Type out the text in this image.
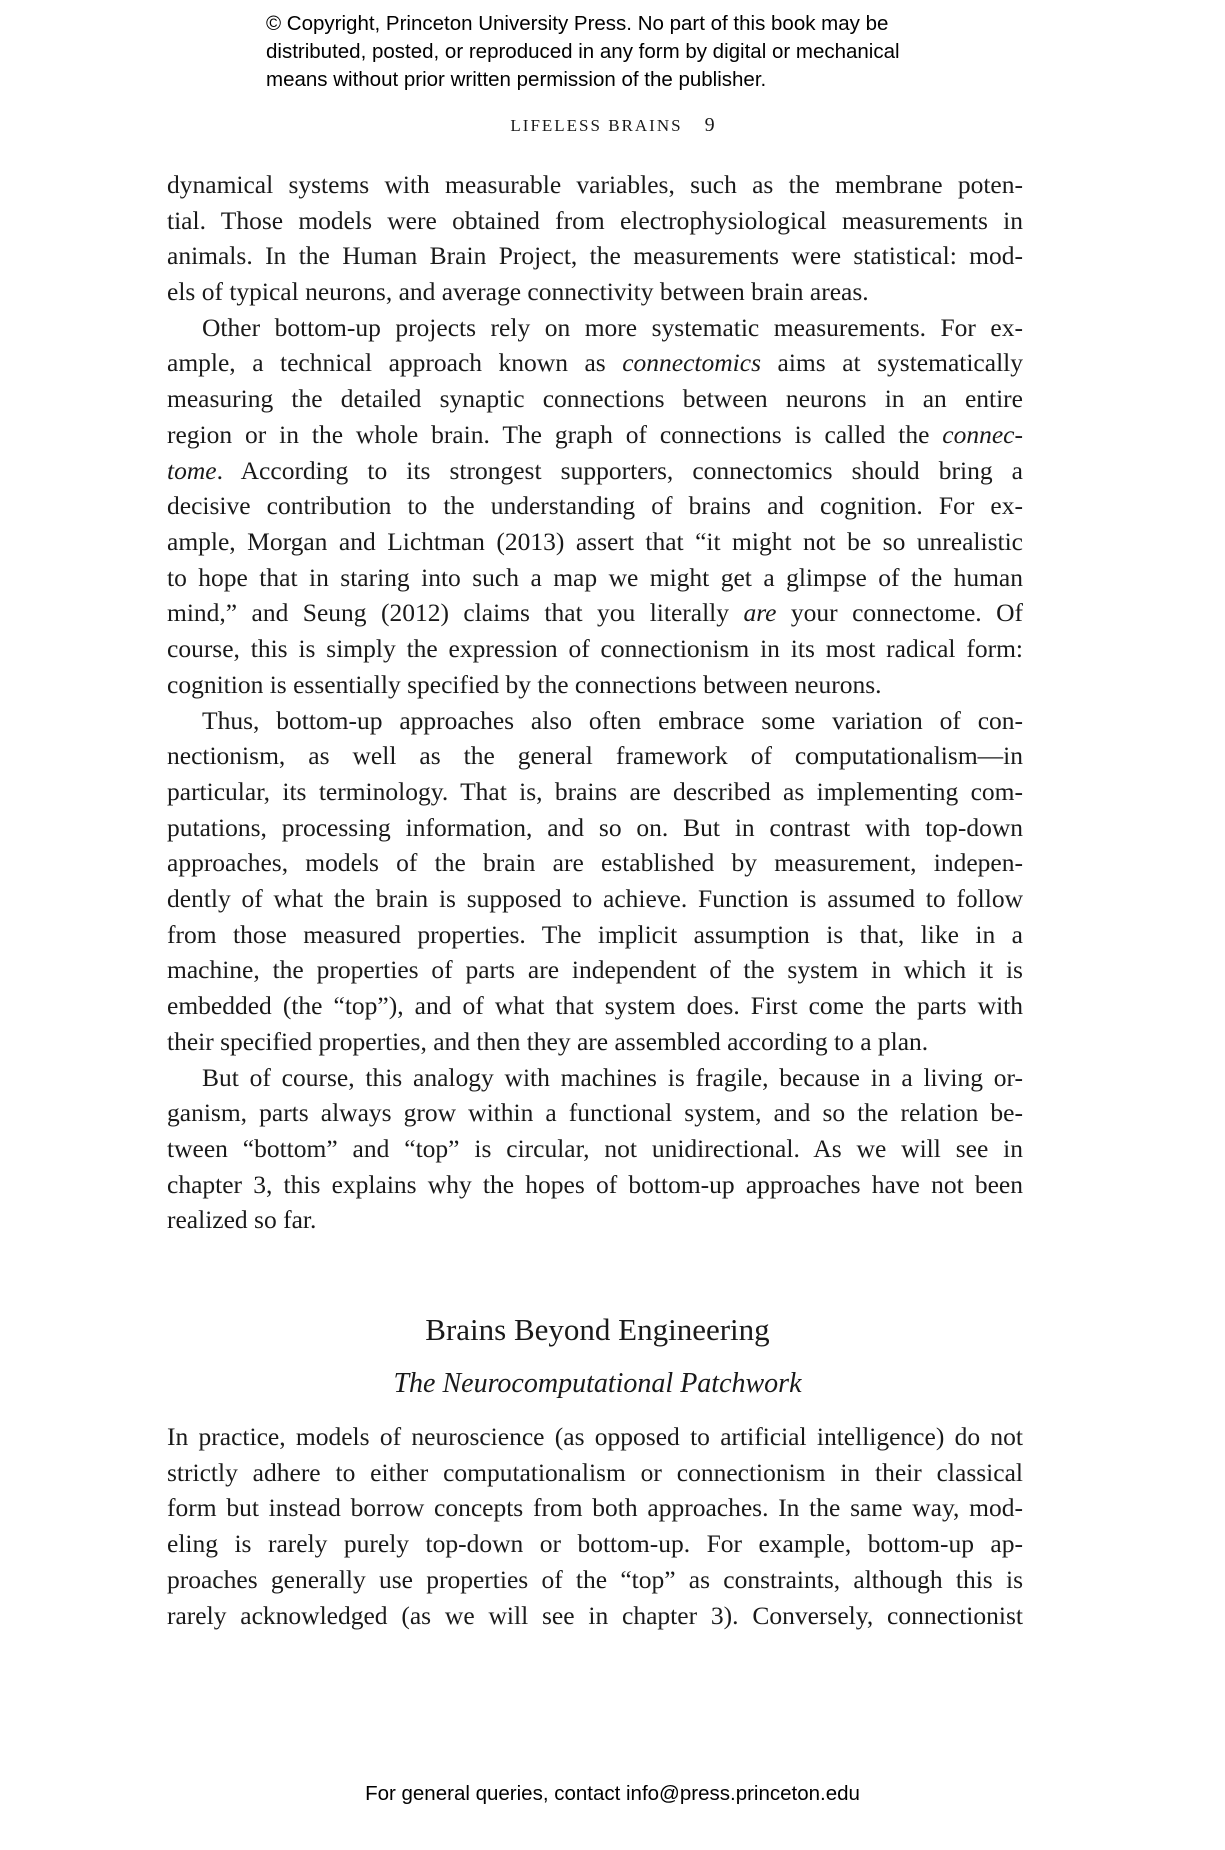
© Copyright, Princeton University Press. No part of this book may be
distributed, posted, or reproduced in any form by digital or mechanical
means without prior written permission of the publisher.
LIFELESS BRAINS 9
dynamical systems with measurable variables, such as the membrane poten-
tial. Those models were obtained from electrophysiological measurements in
animals. In the Human Brain Project, the measurements were statistical: mod-
els of typical neurons, and average connectivity between brain areas.
Other bottom-up projects rely on more systematic measurements. For ex-
ample, a technical approach known as connectomics aims at systematically
measuring the detailed synaptic connections between neurons in an entire
region or in the whole brain. The graph of connections is called the connec-
tome. According to its strongest supporters, connectomics should bring a
decisive contribution to the understanding of brains and cognition. For ex-
ample, Morgan and Lichtman (2013) assert that “it might not be so unrealistic
to hope that in staring into such a map we might get a glimpse of the human
mind,” and Seung (2012) claims that you literally are your connectome. Of
course, this is simply the expression of connectionism in its most radical form:
cognition is essentially specified by the connections between neurons.
Thus, bottom-up approaches also often embrace some variation of con-
nectionism, as well as the general framework of computationalism—in
particular, its terminology. That is, brains are described as implementing com-
putations, processing information, and so on. But in contrast with top-down
approaches, models of the brain are established by measurement, indepen-
dently of what the brain is supposed to achieve. Function is assumed to follow
from those measured properties. The implicit assumption is that, like in a
machine, the properties of parts are independent of the system in which it is
embedded (the “top”), and of what that system does. First come the parts with
their specified properties, and then they are assembled according to a plan.
But of course, this analogy with machines is fragile, because in a living or-
ganism, parts always grow within a functional system, and so the relation be-
tween “bottom” and “top” is circular, not unidirectional. As we will see in
chapter 3, this explains why the hopes of bottom-up approaches have not been
realized so far.
Brains Beyond Engineering
The Neurocomputational Patchwork
In practice, models of neuroscience (as opposed to artificial intelligence) do not
strictly adhere to either computationalism or connectionism in their classical
form but instead borrow concepts from both approaches. In the same way, mod-
eling is rarely purely top-down or bottom-up. For example, bottom-up ap-
proaches generally use properties of the “top” as constraints, although this is
rarely acknowledged (as we will see in chapter 3). Conversely, connectionist
For general queries, contact info@press.princeton.edu
